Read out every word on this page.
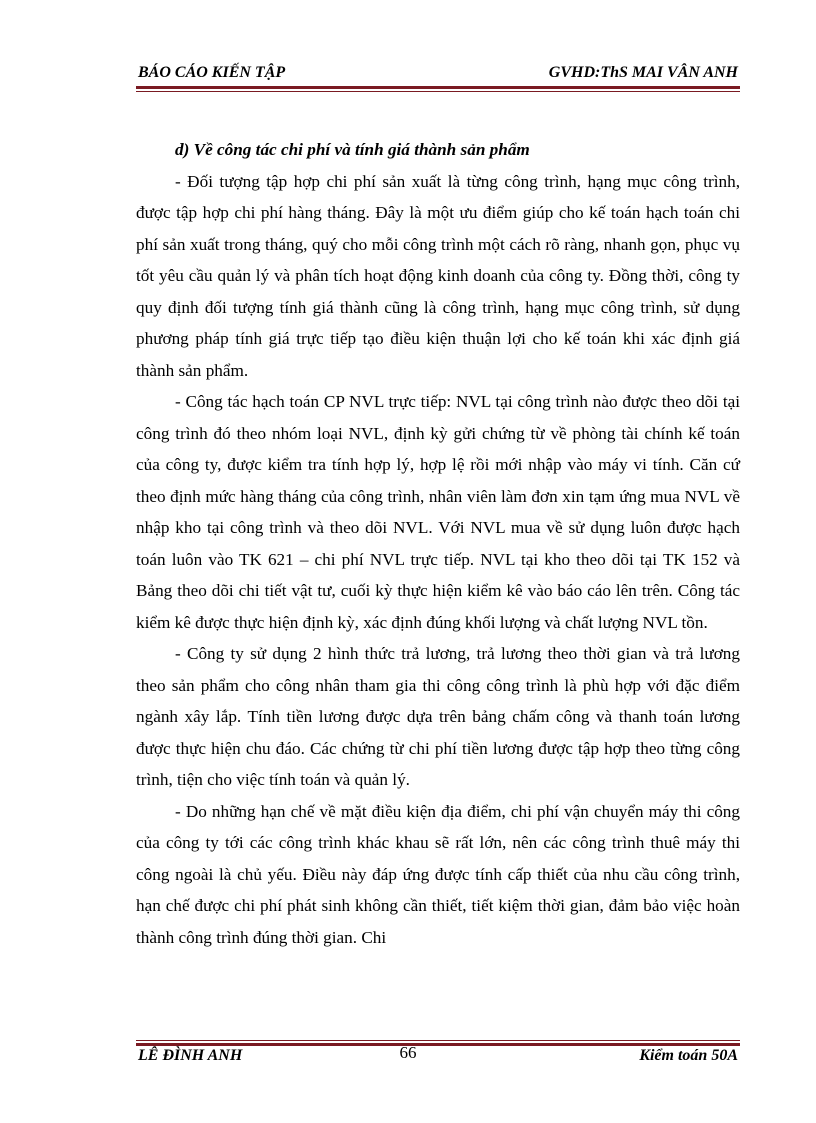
BÁO CÁO KIẾN TẬP	GVHD:ThS MAI VÂN ANH

d) Về công tác chi phí và tính giá thành sản phẩm

- Đối tượng tập hợp chi phí sản xuất là từng công trình, hạng mục công trình, được tập hợp chi phí hàng tháng. Đây là một ưu điểm giúp cho kế toán hạch toán chi phí sản xuất trong tháng, quý cho mỗi công trình một cách rõ ràng, nhanh gọn, phục vụ tốt yêu cầu quản lý và phân tích hoạt động kinh doanh của công ty. Đồng thời, công ty quy định đối tượng tính giá thành cũng là công trình, hạng mục công trình, sử dụng phương pháp tính giá trực tiếp tạo điều kiện thuận lợi cho kế toán khi xác định giá thành sản phẩm.

- Công tác hạch toán CP NVL trực tiếp: NVL tại công trình nào được theo dõi tại công trình đó theo nhóm loại NVL, định kỳ gửi chứng từ về phòng tài chính kế toán của công ty, được kiểm tra tính hợp lý, hợp lệ rồi mới nhập vào máy vi tính. Căn cứ theo định mức hàng tháng của công trình, nhân viên làm đơn xin tạm ứng mua NVL về nhập kho tại công trình và theo dõi NVL. Với NVL mua về sử dụng luôn được hạch toán luôn vào TK 621 – chi phí NVL trực tiếp. NVL tại kho theo dõi tại TK 152 và Bảng theo dõi chi tiết vật tư, cuối kỳ thực hiện kiểm kê vào báo cáo lên trên. Công tác kiểm kê được thực hiện định kỳ, xác định đúng khối lượng và chất lượng NVL tồn.

- Công ty sử dụng 2 hình thức trả lương, trả lương theo thời gian và trả lương theo sản phẩm cho công nhân tham gia thi công công trình là phù hợp với đặc điểm ngành xây lắp. Tính tiền lương được dựa trên bảng chấm công và thanh toán lương được thực hiện chu đáo. Các chứng từ chi phí tiền lương được tập hợp theo từng công trình, tiện cho việc tính toán và quản lý.

- Do những hạn chế về mặt điều kiện địa điểm, chi phí vận chuyển máy thi công của công ty tới các công trình khác khau sẽ rất lớn, nên các công trình thuê máy thi công ngoài là chủ yếu. Điều này đáp ứng được tính cấp thiết của nhu cầu công trình, hạn chế được chi phí phát sinh không cần thiết, tiết kiệm thời gian, đảm bảo việc hoàn thành công trình đúng thời gian. Chi

LÊ ĐÌNH ANH	66	Kiểm toán 50A
